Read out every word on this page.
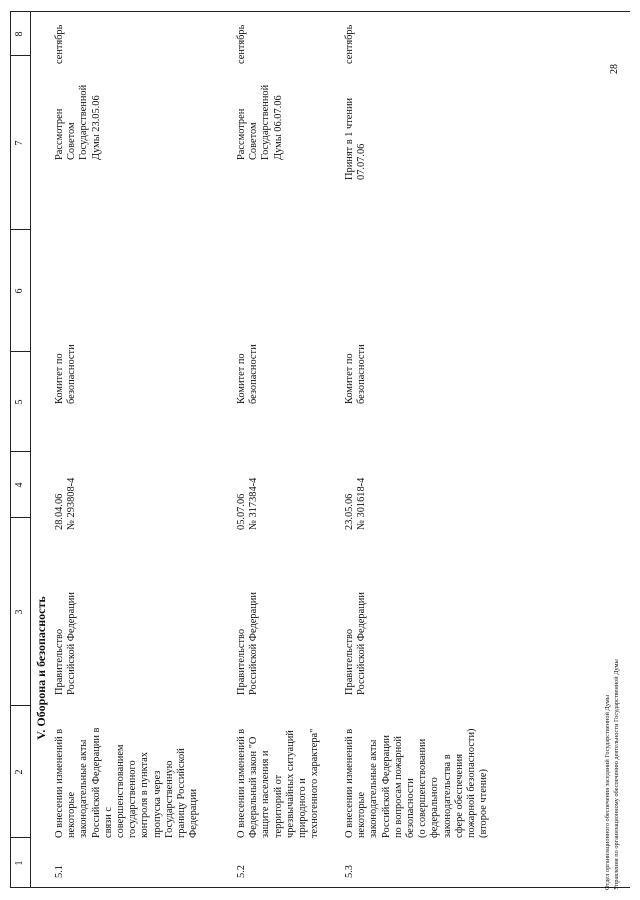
1
2
3
4
5
6
7
8
V. Оборона и безопасность
5.1
О внесении изменений в
некоторые
законодательные акты
Российской Федерации в
связи с
совершенствованием
государственного
контроля в пунктах
пропуска через
Государственную
границу Российской
Федерации
Правительство
Российской Федерации
28.04.06
№ 293808-4
Комитет по
безопасности
Рассмотрен
Советом
Государственной
Думы 23.05.06
сентябрь
5.2
О внесении изменений в
Федеральный закон "О
защите населения и
территорий от
чрезвычайных ситуаций
природного и
техногенного характера"
Правительство
Российской Федерации
05.07.06
№ 317384-4
Комитет по
безопасности
Рассмотрен
Советом
Государственной
Думы 06.07.06
сентябрь
5.3
О внесении изменений в
некоторые
законодательные акты
Российской Федерации
по вопросам пожарной
безопасности
(о совершенствовании
федерального
законодательства в
сфере обеспечения
пожарной безопасности)
(второе чтение)
Правительство
Российской Федерации
23.05.06
№ 301618-4
Комитет по
безопасности
Принят в 1 чтении
07.07.06
сентябрь
Отдел организационного обеспечения заседаний Государственной Думы Управления по организационному обеспечению деятельности Государственной Думы
28
